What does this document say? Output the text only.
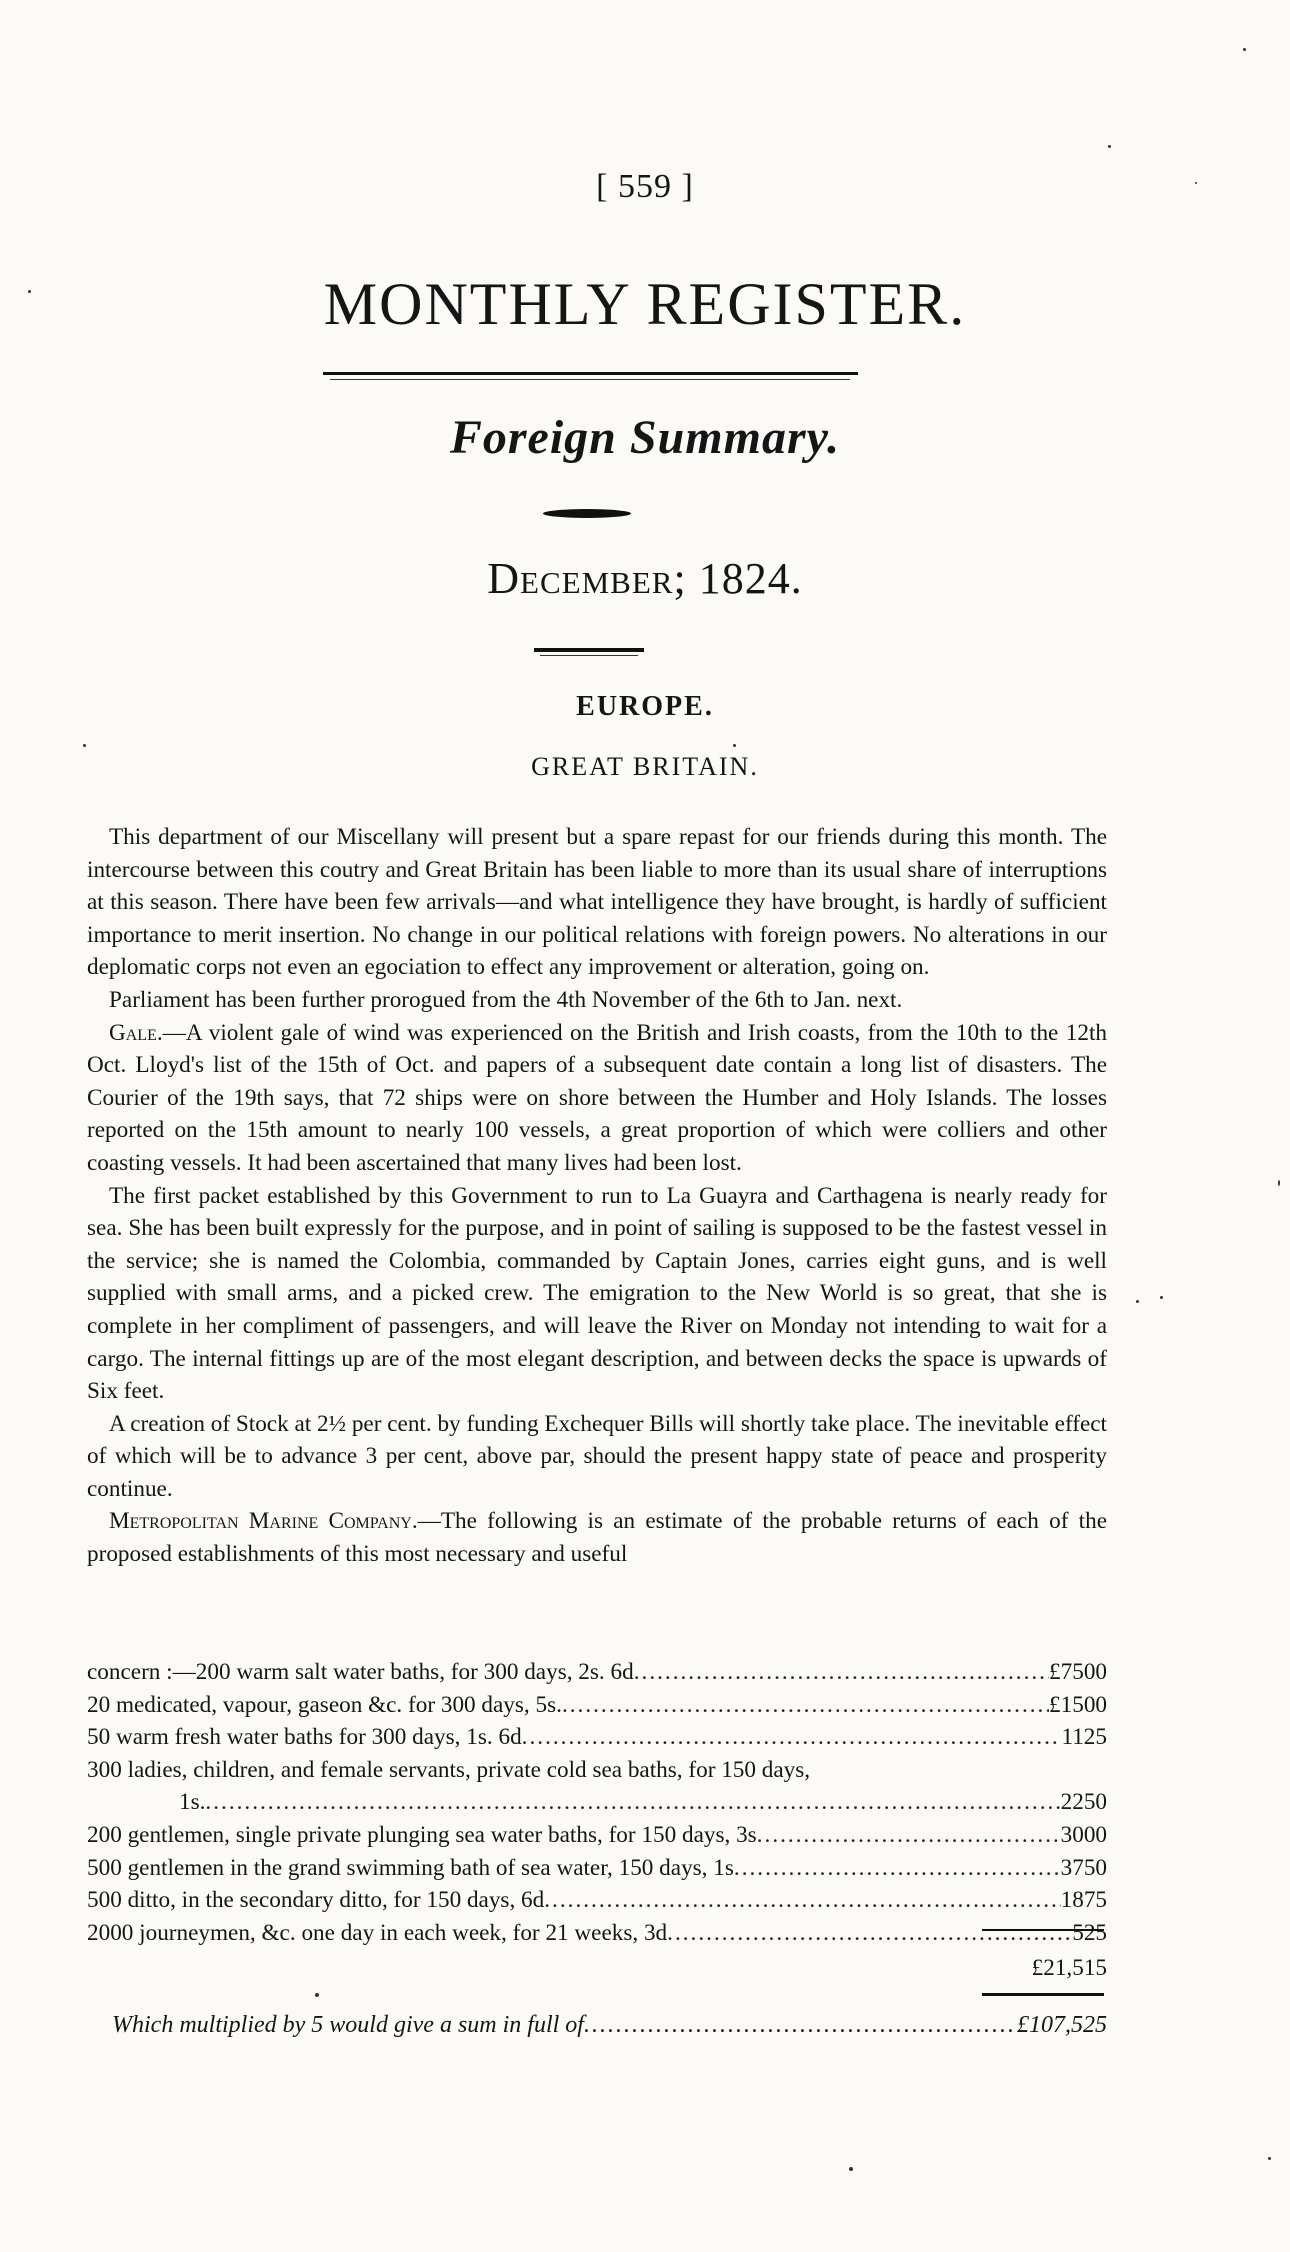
[ 559 ]
MONTHLY REGISTER.
Foreign Summary.
December; 1824.
EUROPE.
GREAT BRITAIN.

This department of our Miscellany will present but a spare repast for our friends during this month. The intercourse between this coutry and Great Britain has been liable to more than its usual share of interruptions at this season. There have been few arrivals—and what intelligence they have brought, is hardly of sufficient importance to merit insertion. No change in our political relations with foreign powers. No alterations in our deplomatic corps not even an egociation to effect any improvement or alteration, going on.

Parliament has been further prorogued from the 4th November of the 6th to Jan. next.

Gale.—A violent gale of wind was experienced on the British and Irish coasts, from the 10th to the 12th Oct. Lloyd's list of the 15th of Oct. and papers of a subsequent date contain a long list of disasters. The Courier of the 19th says, that 72 ships were on shore between the Humber and Holy Islands. The losses reported on the 15th amount to nearly 100 vessels, a great proportion of which were colliers and other coasting vessels. It had been ascertained that many lives had been lost.

The first packet established by this Government to run to La Guayra and Carthagena is nearly ready for sea. She has been built expressly for the purpose, and in point of sailing is supposed to be the fastest vessel in the service; she is named the Colombia, commanded by Captain Jones, carries eight guns, and is well supplied with small arms, and a picked crew. The emigration to the New World is so great, that she is complete in her compliment of passengers, and will leave the River on Monday not intending to wait for a cargo. The internal fittings up are of the most elegant description, and between decks the space is upwards of Six feet.

A creation of Stock at 2½ per cent. by funding Exchequer Bills will shortly take place. The inevitable effect of which will be to advance 3 per cent, above par, should the present happy state of peace and prosperity continue.

Metropolitan Marine Company.—The following is an estimate of the probable returns of each of the proposed establishments of this most necessary and useful

concern :—200 warm salt water baths, for 300 days, 2s. 6d .....	£7500
20 medicated, vapour, gaseon &c. for 300 days, 5s. .....	£1500
50 warm fresh water baths for 300 days, 1s. 6d .....	1125
300 ladies, children, and female servants, private cold sea baths, for 150 days,
1s. .....	2250
200 gentlemen, single private plunging sea water baths, for 150 days, 3s .....	3000
500 gentlemen in the grand swimming bath of sea water, 150 days, 1s .....	3750
500 ditto, in the secondary ditto, for 150 days, 6d .....	1875
2000 journeymen, &c. one day in each week, for 21 weeks, 3d .....	525
£21,515
Which multiplied by 5 would give a sum in full of .....	£107,525
